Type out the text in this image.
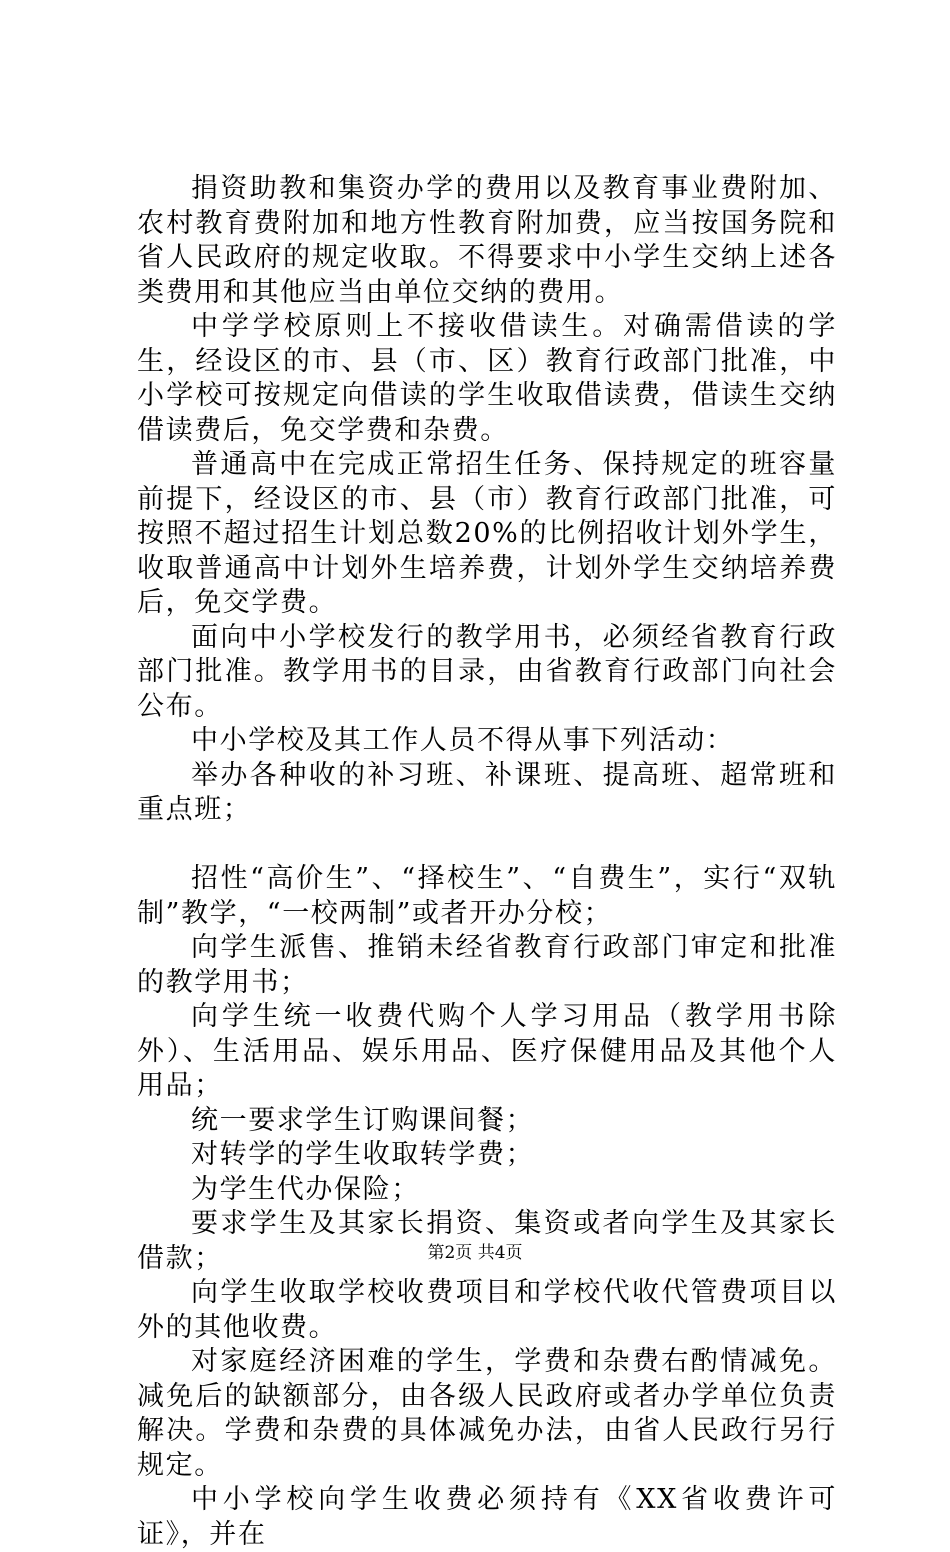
捐资助教和集资办学的费用以及教育事业费附加、农村教育费附加和地方性教育附加费，应当按国务院和省人民政府的规定收取。不得要求中小学生交纳上述各类费用和其他应当由单位交纳的费用。

中学学校原则上不接收借读生。对确需借读的学生，经设区的市、县（市、区）教育行政部门批准，中小学校可按规定向借读的学生收取借读费，借读生交纳借读费后，免交学费和杂费。

普通高中在完成正常招生任务、保持规定的班容量前提下，经设区的市、县（市）教育行政部门批准，可按照不超过招生计划总数20%的比例招收计划外学生，收取普通高中计划外生培养费，计划外学生交纳培养费后，免交学费。

面向中小学校发行的教学用书，必须经省教育行政部门批准。教学用书的目录，由省教育行政部门向社会公布。

中小学校及其工作人员不得从事下列活动：

举办各种收的补习班、补课班、提高班、超常班和重点班；

招性“高价生”、“择校生”、“自费生”，实行“双轨制”教学，“一校两制”或者开办分校；

向学生派售、推销未经省教育行政部门审定和批准的教学用书；

向学生统一收费代购个人学习用品（教学用书除外）、生活用品、娱乐用品、医疗保健用品及其他个人用品；

统一要求学生订购课间餐；

对转学的学生收取转学费；

为学生代办保险；

要求学生及其家长捐资、集资或者向学生及其家长借款；

向学生收取学校收费项目和学校代收代管费项目以外的其他收费。

对家庭经济困难的学生，学费和杂费右酌情减免。减免后的缺额部分，由各级人民政府或者办学单位负责解决。学费和杂费的具体减免办法，由省人民政行另行规定。

中小学校向学生收费必须持有《XX省收费许可证》，并在

第2页 共4页
